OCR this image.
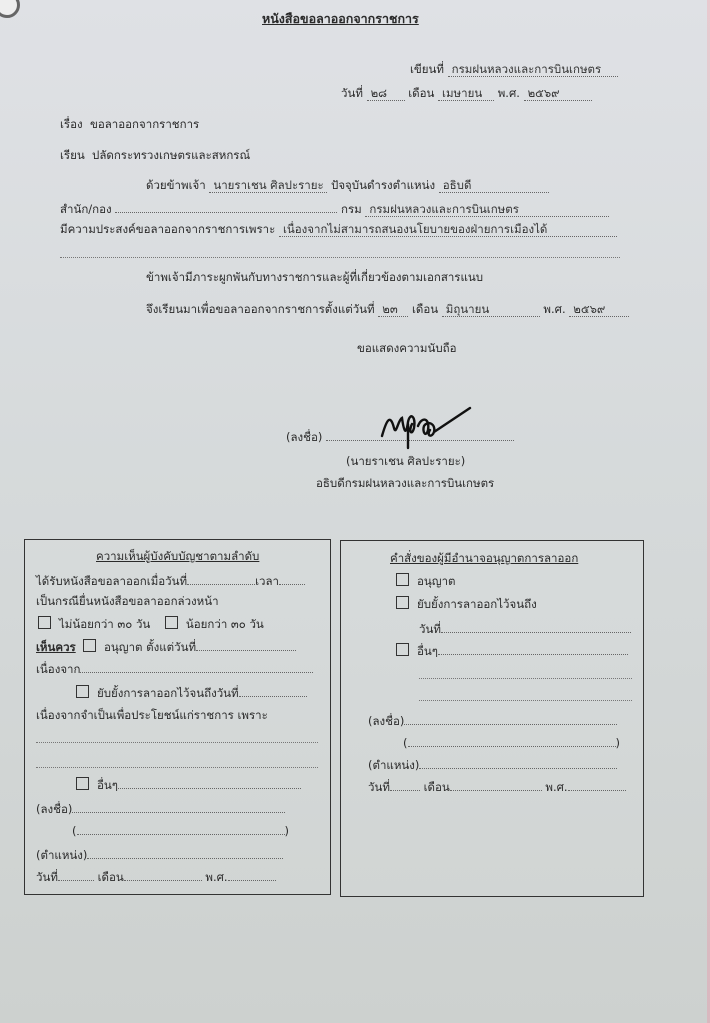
หนังสือขอลาออกจากราชการ
เขียนที่ กรมฝนหลวงและการบินเกษตร
วันที่ ๒๘ เดือน เมษายน พ.ศ. ๒๕๖๙
เรื่อง ขอลาออกจากราชการ
เรียน ปลัดกระทรวงเกษตรและสหกรณ์
ด้วยข้าพเจ้า นายราเชน ศิลปะรายะ ปัจจุบันดำรงตำแหน่ง อธิบดี
สำนัก/กอง	กรม กรมฝนหลวงและการบินเกษตร
มีความประสงค์ขอลาออกจากราชการเพราะ เนื่องจากไม่สามารถสนองนโยบายของฝ่ายการเมืองได้
ข้าพเจ้ามีภาระผูกพันกับทางราชการและผู้ที่เกี่ยวข้องตามเอกสารแนบ
จึงเรียนมาเพื่อขอลาออกจากราชการตั้งแต่วันที่ ๒๓ เดือน มิถุนายน	พ.ศ. ๒๕๖๙
ขอแสดงความนับถือ
(ลงชื่อ)
(นายราเชน ศิลปะรายะ)
อธิบดีกรมฝนหลวงและการบินเกษตร
ความเห็นผู้บังคับบัญชาตามลำดับ
ได้รับหนังสือขอลาออกเมื่อวันที่	เวลา
เป็นกรณียื่นหนังสือขอลาออกล่วงหน้า
ไม่น้อยกว่า ๓๐ วัน	น้อยกว่า ๓๐ วัน
เห็นควร อนุญาต ตั้งแต่วันที่
เนื่องจาก
ยับยั้งการลาออกไว้จนถึงวันที่
เนื่องจากจำเป็นเพื่อประโยชน์แก่ราชการ เพราะ
อื่นๆ
(ลงชื่อ)
(	)
(ตำแหน่ง)
วันที่	เดือน	พ.ศ.
คำสั่งของผู้มีอำนาจอนุญาตการลาออก
อนุญาต
ยับยั้งการลาออกไว้จนถึง
วันที่
อื่นๆ
(ลงชื่อ)
(	)
(ตำแหน่ง)
วันที่	เดือน	พ.ศ.
